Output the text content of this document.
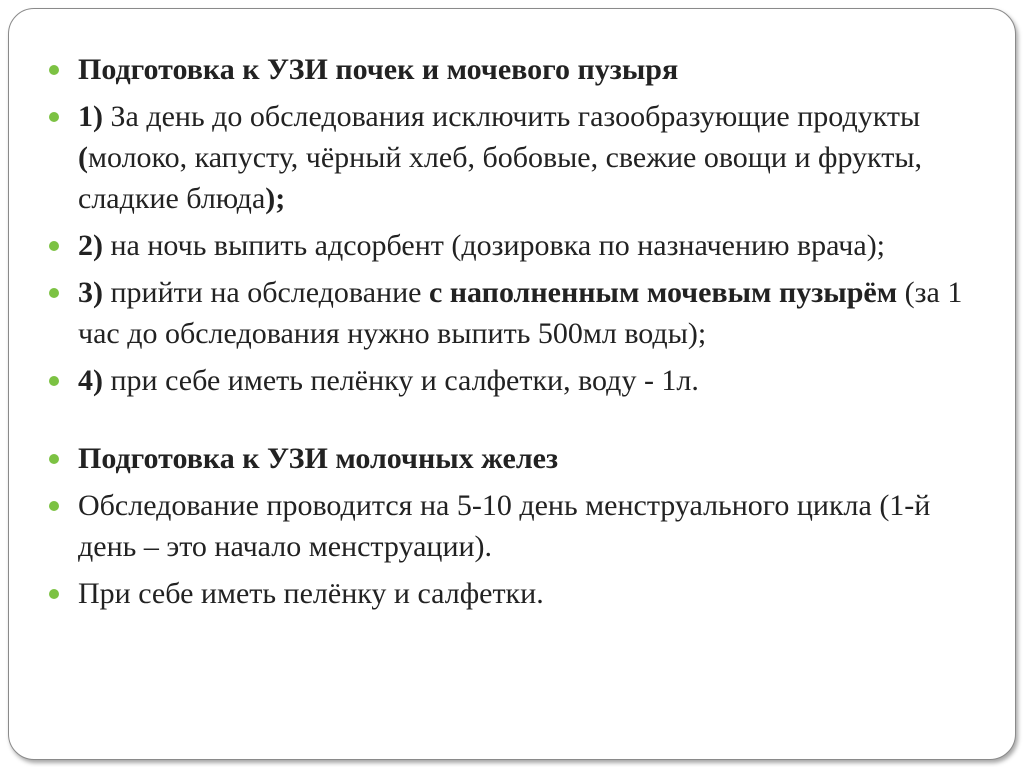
Подготовка к УЗИ почек и мочевого пузыря
1) За день до обследования исключить газообразующие продукты (молоко, капусту, чёрный хлеб, бобовые, свежие овощи и фрукты, сладкие блюда);
2) на ночь выпить адсорбент (дозировка по назначению врача);
3) прийти на обследование с наполненным мочевым пузырём (за 1 час до обследования нужно выпить 500мл воды);
4) при себе иметь пелёнку и салфетки, воду - 1л.
Подготовка к УЗИ молочных желез
Обследование проводится на 5-10 день менструального цикла (1-й день – это начало менструации).
При себе иметь пелёнку и салфетки.
